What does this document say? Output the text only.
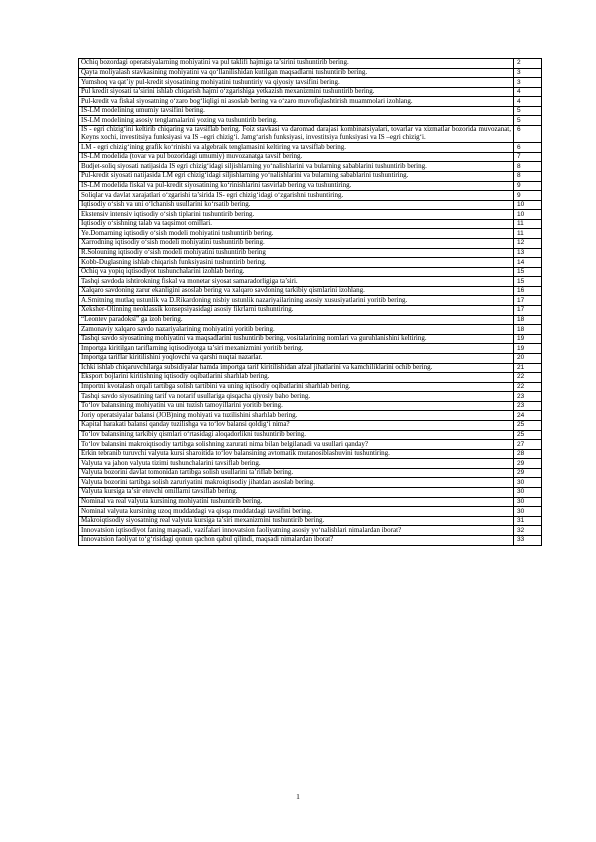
Ochiq bozordagi operatsiyalarning mohiyatini va pul taklifi hajmiga ta’sirini tushuntirib bering.	2
Qayta moliyalash stavkasining mohiyatini va qo‘llanilishidan kutilgan maqsadlarni tushuntirib bering.	3
Yumshoq va qat’iy pul-kredit siyosatining mohiyatini tushuntiriy va qiyosiy tavsifini bering.	3
Pul kredit siyosati ta’sirini ishlab chiqarish hajmi o‘zgarishiga yetkazish mexanizmini tushuntirib bering.	4
Pul-kredit va fiskal siyosatning o‘zaro bog‘liqligi ni asoslab bering va o‘zaro muvofiqlashtirish muammolari izohlang.	4
IS-LM modelining umumiy tavsifini bering.	5
IS-LM modelining asosiy tenglamalarini yozing va tushuntirib bering.	5
IS - egri chizig‘ini keltirib chiqaring va tavsiflab bering. Foiz stavkasi va daromad darajasi kombinatsiyalari, tovarlar va xizmatlar bozorida muvozanat, Keyns xochi, investitsiya funksiyasi va IS –egri chizig‘i. Jamg‘arish funksiyasi, investitsiya funksiyasi va IS –egri chizig‘i.	6
LM - egri chizig‘ining grafik ko‘rinishi va algebraik tenglamasini keltiring va tavsiflab bering.	6
IS-LM modelida (tovar va pul bozoridagi umumiy) muvozanatga tavsif bering.	7
Budjet-soliq siyosati natijasida IS egri chizig‘idagi siljishlarning yo‘nalishlarini va bularning sabablarini tushuntirib bering.	8
Pul-kredit siyosati natijasida LM egri chizig‘idagi siljishlarning yo‘nalishlarini va bularning sabablarini tushuntiring.	8
IS-LM modelida fiskal va pul-kredit siyosatining ko‘rinishlarini tasvirlab bering va tushuntiring.	9
Soliqlar va davlat xarajatlari o‘zgarishi ta’sirida IS- egri chizig‘idagi o‘zgarishni tushuntiring.	9
Iqtisodiy o‘sish va uni o‘lchanish usullarini ko‘rsatib bering.	10
Ekstensiv intensiv iqtisodiy o‘sish tiplarini tushuntirib bering.	10
Iqtisodiy o‘sishning talab va taqsimot omillari.	11
Ye.Domarning iqtisodiy o‘sish modeli mohiyatini tushuntirib bering.	11
Xarrodning iqtisodiy o‘sish modeli mohiyatini tushuntirib bering.	12
R.Solouning iqtisodiy o‘sish modeli mohiyatini tushuntirib bering	13
Kobb-Duglasning ishlab chiqarish funksiyasini tushuntirib bering.	14
Ochiq va yopiq iqtisodiyot tushunchalarini izohlab bering.	15
Tashqi savdoda ishtirokning fiskal va monetar siyosat samaradorligiga ta’siri.	15
Xalqaro savdoning zarur ekanligini asoslab bering va xalqaro savdoning tarkibiy qismlarini izohlang.	16
A.Smitning mutlaq ustunlik va D.Rikardoning nisbiy ustunlik nazariyailarining asosiy xususiyatlarini yoritib bering.	17
Xeksher-Olinning neoklassik konsepsiyasidagi asosiy fikrlarni tushuntiring.	17
“Leontev paradoksi” ga izoh bering.	18
Zamonaviy xalqaro savdo nazariyalarining mohiyatini yoritib bering.	18
Tashqi savdo siyosatining mohiyatini va maqsadlarini tushuntirib bering, vositalarining nomlari va guruhlanishini keltiring.	19
Importga kiritilgan tariflarning iqtisodiyotga ta’siri mexanizmini yoritib bering.	19
Importga tariflar kiritilishini yoqlovchi va qarshi nuqtai nazarlar.	20
Ichki ishlab chiqaruvchilarga subsidiyalar hamda importga tarif kiritilishidan afzal jihatlarini va kamchiliklarini ochib bering.	21
Eksport bojlarini kiritishning iqtisodiy oqibatlarini sharhlab bering.	22
Importni kvotalash orqali tartibga solish tartibini va uning iqtisodiy oqibatlarini sharhlab bering.	22
Tashqi savdo siyosatining tarif va notarif usullariga qisqacha qiyosiy baho bering.	23
To‘lov balansining mohiyatini va uni tuzish tamoyillarini yoritib bering.	23
Joriy operatsiyalar balansi (JOB)ning mohiyati va tuzilishini sharhlab bering.	24
Kapital harakati balansi qanday tuzilishga va to‘lov balansi qoldig‘i nima?	25
To‘lov balansining tarkibiy qismlari o‘rtasidagi aloqadorlikni tushuntirib bering.	25
To‘lov balansini makroiqtisodiy tartibga solishning zarurati nima bilan belgilanadi va usullari qanday?	27
Erkin tebranib turuvchi valyuta kursi sharoitida to‘lov balansining avtomatik mutanosiblashuvini tushuntiring.	28
Valyuta va jahon valyuta tizimi tushunchalarini tavsiflab bering.	29
Valyuta bozorini davlat tomonidan tartibga solish usullarini ta’riflab bering.	29
Valyuta bozorini tartibga solish zaruriyatini makroiqtisodiy jihatdan asoslab bering.	30
Valyuta kursiga ta’sir etuvchi omillarni tavsiflab bering.	30
Nominal va real valyuta kursining mohiyatini tushuntirib bering.	30
Nominal valyuta kursining uzoq muddatdagi va qisqa muddatdagi tavsifini bering.	30
Makroiqtisodiy siyosatning real valyuta kursiga ta’siri mexanizmini tushuntirib bering.	31
Innovatsion iqtisodiyot faning maqsadi, vazifalari innovatsion faoliyatning asosiy yo‘nalishlari nimalardan iborat?	32
Innovatsion faoliyat to‘g‘risidagi qonun qachon qabul qilindi, maqsadi nimalardan iborat?	33
1
